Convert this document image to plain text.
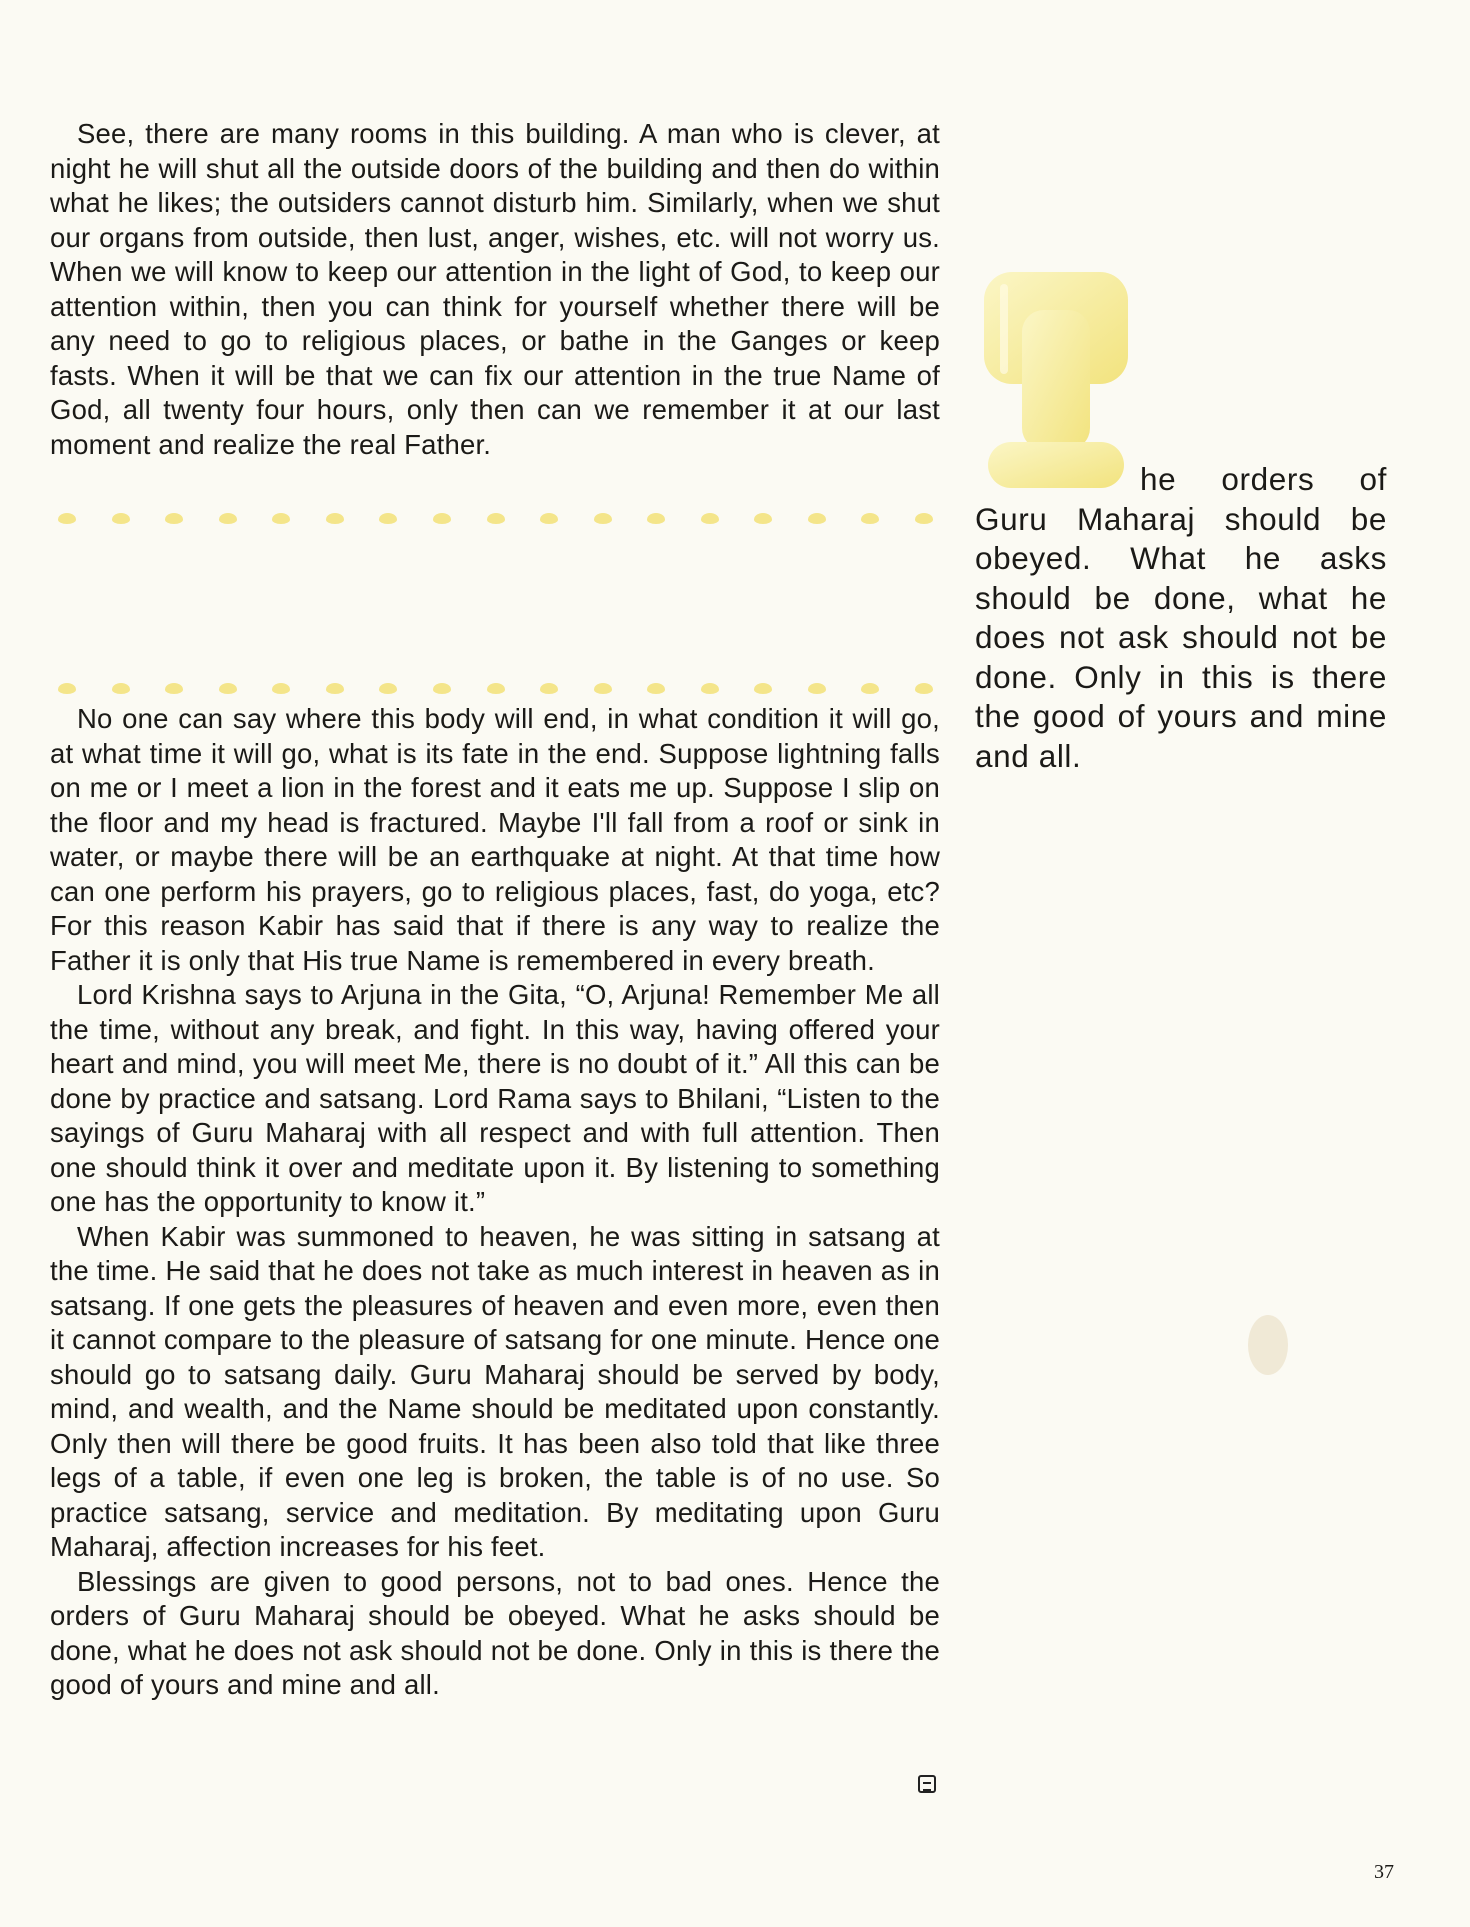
See, there are many rooms in this building. A man who is clever, at night he will shut all the outside doors of the building and then do within what he likes; the outsiders cannot disturb him. Similarly, when we shut our organs from outside, then lust, anger, wishes, etc. will not worry us. When we will know to keep our attention in the light of God, to keep our attention within, then you can think for yourself whether there will be any need to go to religious places, or bathe in the Ganges or keep fasts. When it will be that we can fix our attention in the true Name of God, all twenty four hours, only then can we remember it at our last moment and realize the real Father.

No one can say where this body will end, in what condition it will go, at what time it will go, what is its fate in the end. Suppose lightning falls on me or I meet a lion in the forest and it eats me up. Suppose I slip on the floor and my head is fractured. Maybe I'll fall from a roof or sink in water, or maybe there will be an earthquake at night. At that time how can one perform his prayers, go to religious places, fast, do yoga, etc? For this reason Kabir has said that if there is any way to realize the Father it is only that His true Name is remembered in every breath.

Lord Krishna says to Arjuna in the Gita, “O, Arjuna! Remember Me all the time, without any break, and fight. In this way, having offered your heart and mind, you will meet Me, there is no doubt of it.” All this can be done by practice and satsang. Lord Rama says to Bhilani, “Listen to the sayings of Guru Maharaj with all respect and with full attention. Then one should think it over and meditate upon it. By listening to something one has the opportunity to know it.”

When Kabir was summoned to heaven, he was sitting in satsang at the time. He said that he does not take as much interest in heaven as in satsang. If one gets the pleasures of heaven and even more, even then it cannot compare to the pleasure of satsang for one minute. Hence one should go to satsang daily. Guru Maharaj should be served by body, mind, and wealth, and the Name should be meditated upon constantly. Only then will there be good fruits. It has been also told that like three legs of a table, if even one leg is broken, the table is of no use. So practice satsang, service and meditation. By meditating upon Guru Maharaj, affection increases for his feet.

Blessings are given to good persons, not to bad ones. Hence the orders of Guru Maharaj should be obeyed. What he asks should be done, what he does not ask should not be done. Only in this is there the good of yours and mine and all.

he orders of
Guru Maharaj should be obeyed. What he asks should be done, what he does not ask should not be done. Only in this is there the good of yours and mine and all.
37
